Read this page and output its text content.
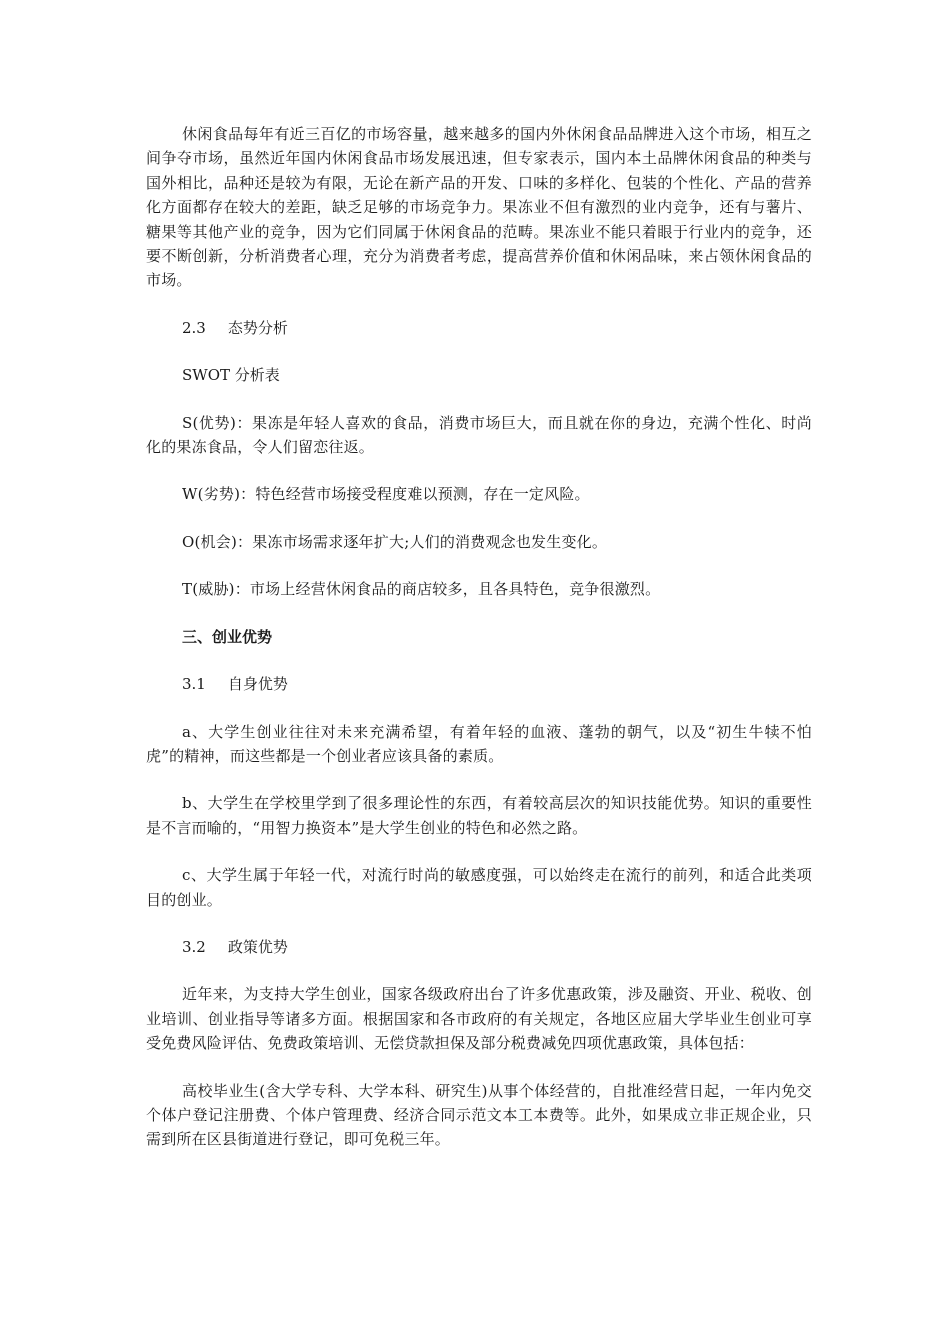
休闲食品每年有近三百亿的市场容量，越来越多的国内外休闲食品品牌进入这个市场，相互之间争夺市场，虽然近年国内休闲食品市场发展迅速，但专家表示，国内本土品牌休闲食品的种类与国外相比，品种还是较为有限，无论在新产品的开发、口味的多样化、包装的个性化、产品的营养化方面都存在较大的差距，缺乏足够的市场竞争力。果冻业不但有激烈的业内竞争，还有与薯片、糖果等其他产业的竞争，因为它们同属于休闲食品的范畴。果冻业不能只着眼于行业内的竞争，还要不断创新，分析消费者心理，充分为消费者考虑，提高营养价值和休闲品味，来占领休闲食品的市场。

2.3 态势分析

SWOT 分析表

S(优势)：果冻是年轻人喜欢的食品，消费市场巨大，而且就在你的身边，充满个性化、时尚化的果冻食品，令人们留恋往返。

W(劣势)：特色经营市场接受程度难以预测，存在一定风险。

O(机会)：果冻市场需求逐年扩大;人们的消费观念也发生变化。

T(威胁)：市场上经营休闲食品的商店较多，且各具特色，竞争很激烈。

三、创业优势

3.1 自身优势

a、大学生创业往往对未来充满希望，有着年轻的血液、蓬勃的朝气，以及“初生牛犊不怕虎”的精神，而这些都是一个创业者应该具备的素质。

b、大学生在学校里学到了很多理论性的东西，有着较高层次的知识技能优势。知识的重要性是不言而喻的，“用智力换资本”是大学生创业的特色和必然之路。

c、大学生属于年轻一代，对流行时尚的敏感度强，可以始终走在流行的前列，和适合此类项目的创业。

3.2 政策优势

近年来，为支持大学生创业，国家各级政府出台了许多优惠政策，涉及融资、开业、税收、创业培训、创业指导等诸多方面。根据国家和各市政府的有关规定，各地区应届大学毕业生创业可享受免费风险评估、免费政策培训、无偿贷款担保及部分税费减免四项优惠政策，具体包括：

高校毕业生(含大学专科、大学本科、研究生)从事个体经营的，自批准经营日起，一年内免交个体户登记注册费、个体户管理费、经济合同示范文本工本费等。此外，如果成立非正规企业，只需到所在区县街道进行登记，即可免税三年。
